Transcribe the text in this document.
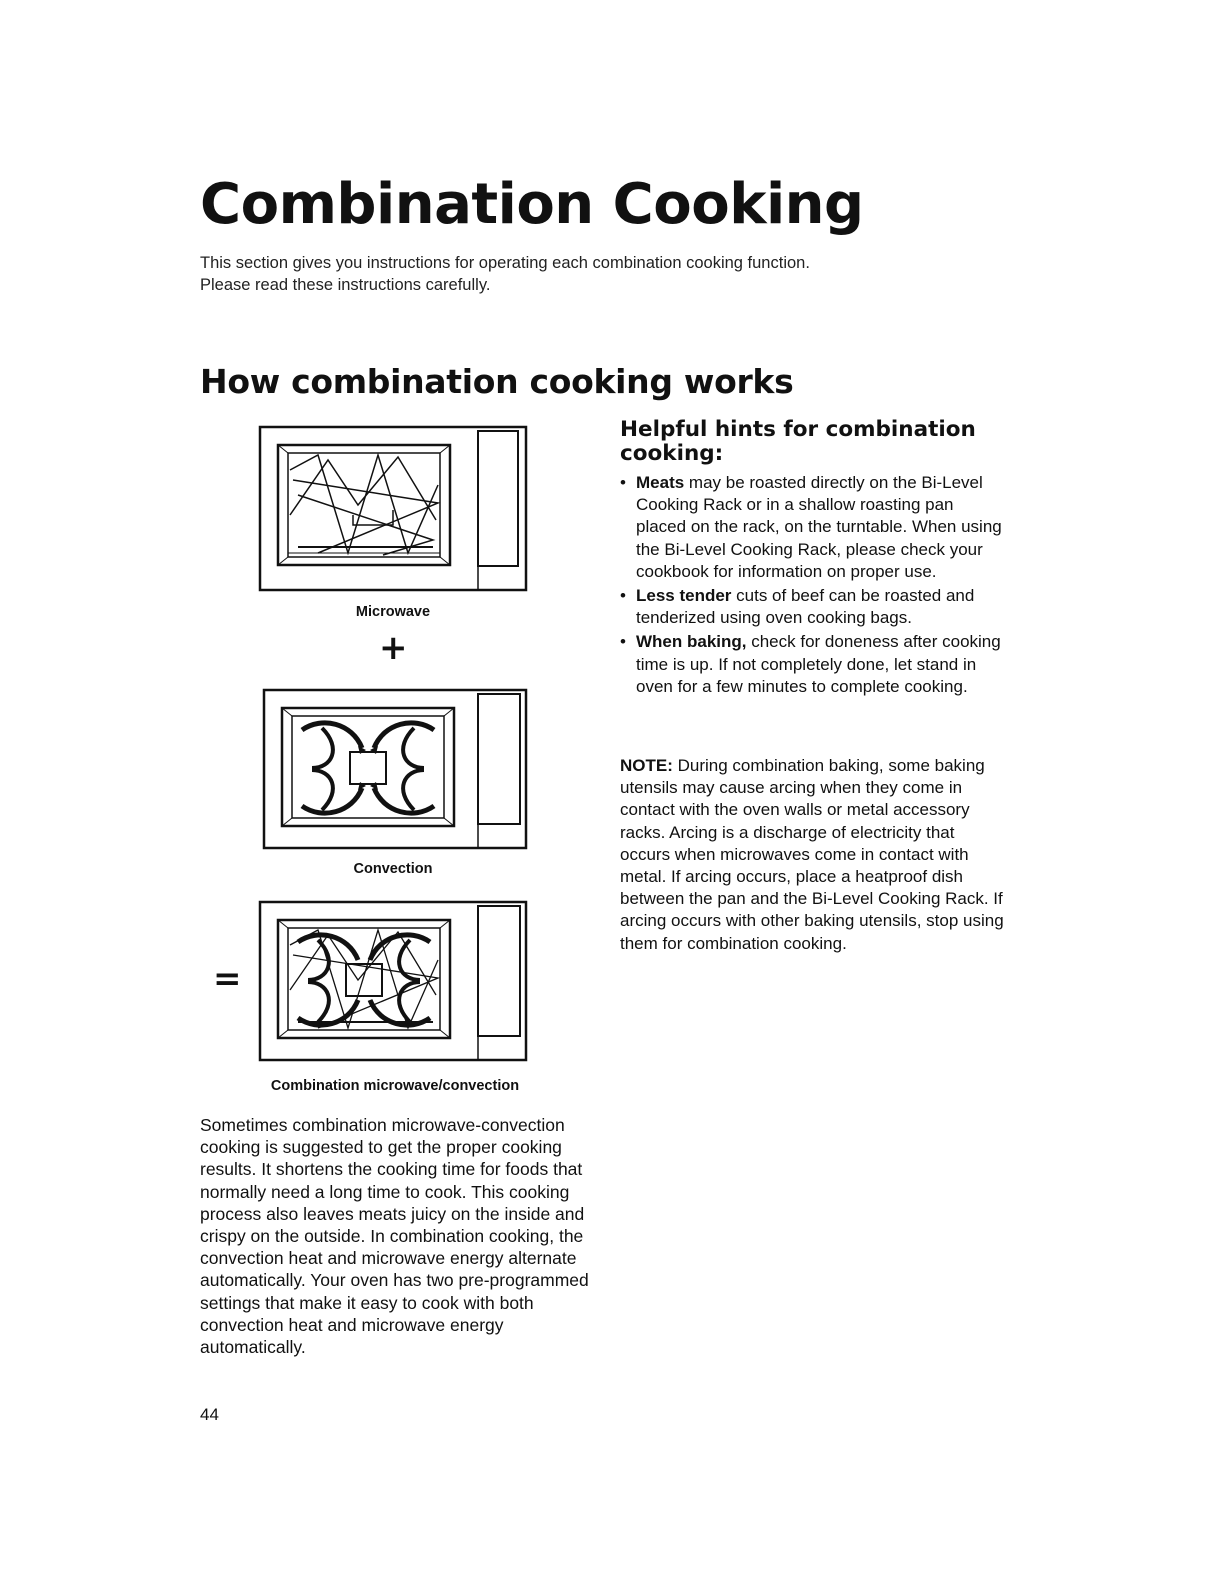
Combination Cooking
This section gives you instructions for operating each combination cooking function.
Please read these instructions carefully.
How combination cooking works
Microwave
+
Convection
=
Combination microwave/convection

Sometimes combination microwave-convection cooking is suggested to get the proper cooking results. It shortens the cooking time for foods that normally need a long time to cook. This cooking process also leaves meats juicy on the inside and crispy on the outside. In combination cooking, the convection heat and microwave energy alternate automatically. Your oven has two pre-programmed settings that make it easy to cook with both convection heat and microwave energy automatically.

Helpful hints for combination cooking:
• Meats may be roasted directly on the Bi-Level Cooking Rack or in a shallow roasting pan placed on the rack, on the turntable. When using the Bi-Level Cooking Rack, please check your cookbook for information on proper use.
• Less tender cuts of beef can be roasted and tenderized using oven cooking bags.
• When baking, check for doneness after cooking time is up. If not completely done, let stand in oven for a few minutes to complete cooking.

NOTE: During combination baking, some baking utensils may cause arcing when they come in contact with the oven walls or metal accessory racks. Arcing is a discharge of electricity that occurs when microwaves come in contact with metal. If arcing occurs, place a heatproof dish between the pan and the Bi-Level Cooking Rack. If arcing occurs with other baking utensils, stop using them for combination cooking.

44
